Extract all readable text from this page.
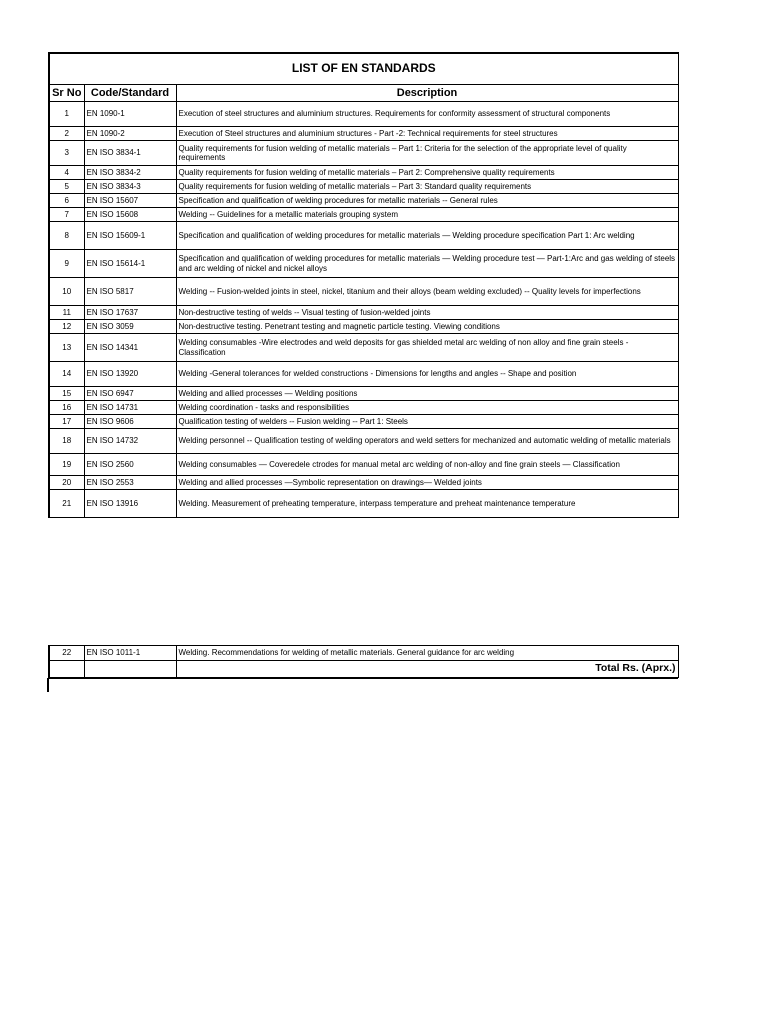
LIST OF EN STANDARDS		
Sr No	Code/Standard	Description
1	EN 1090-1	Execution of steel structures and aluminium structures. Requirements for conformity assessment of structural components
2	EN 1090-2	Execution of Steel structures and aluminium structures - Part -2: Technical requirements for steel structures
3	EN ISO 3834-1	Quality requirements for fusion welding of metallic materials – Part 1: Criteria for the selection of the appropriate level of quality requirements
4	EN ISO 3834-2	Quality requirements for fusion welding of metallic materials – Part 2: Comprehensive quality requirements
5	EN ISO 3834-3	Quality requirements for fusion welding of metallic materials – Part 3: Standard quality requirements
6	EN ISO 15607	Specification and qualification of welding procedures for metallic materials -- General rules
7	EN ISO 15608	Welding -- Guidelines for a metallic materials grouping system
8	EN ISO 15609-1	Specification and qualification of welding procedures for metallic materials — Welding procedure specification Part 1: Arc welding
9	EN ISO 15614-1	Specification and qualification of welding procedures for metallic materials — Welding procedure test — Part-1:Arc and gas welding of steels and arc welding of nickel and nickel alloys
10	EN ISO 5817	Welding -- Fusion-welded joints in steel, nickel, titanium and their alloys (beam welding excluded) -- Quality levels for imperfections
11	EN ISO 17637	Non-destructive testing of welds -- Visual testing of fusion-welded joints
12	EN ISO 3059	Non-destructive testing. Penetrant testing and magnetic particle testing. Viewing conditions
13	EN ISO 14341	Welding consumables -Wire electrodes and weld deposits for gas shielded metal arc welding of non alloy and fine grain steels - Classification
14	EN ISO 13920	Welding -General tolerances for welded constructions - Dimensions for lengths and angles -- Shape and position
15	EN ISO 6947	Welding and allied processes — Welding positions
16	EN ISO 14731	Welding coordination - tasks and responsibilities
17	EN ISO 9606	Qualification testing of welders -- Fusion welding -- Part 1: Steels
18	EN ISO 14732	Welding personnel -- Qualification testing of welding operators and weld setters for mechanized and automatic welding of metallic materials
19	EN ISO 2560	Welding consumables — Coveredele ctrodes for manual metal arc welding of non-alloy and fine grain steels — Classification
20	EN ISO 2553	Welding and allied processes —Symbolic representation on drawings— Welded joints
21	EN ISO 13916	Welding. Measurement of preheating temperature, interpass temperature and preheat maintenance temperature
22	EN ISO 1011-1	Welding. Recommendations for welding of metallic materials. General guidance for arc welding
		Total Rs. (Aprx.)
